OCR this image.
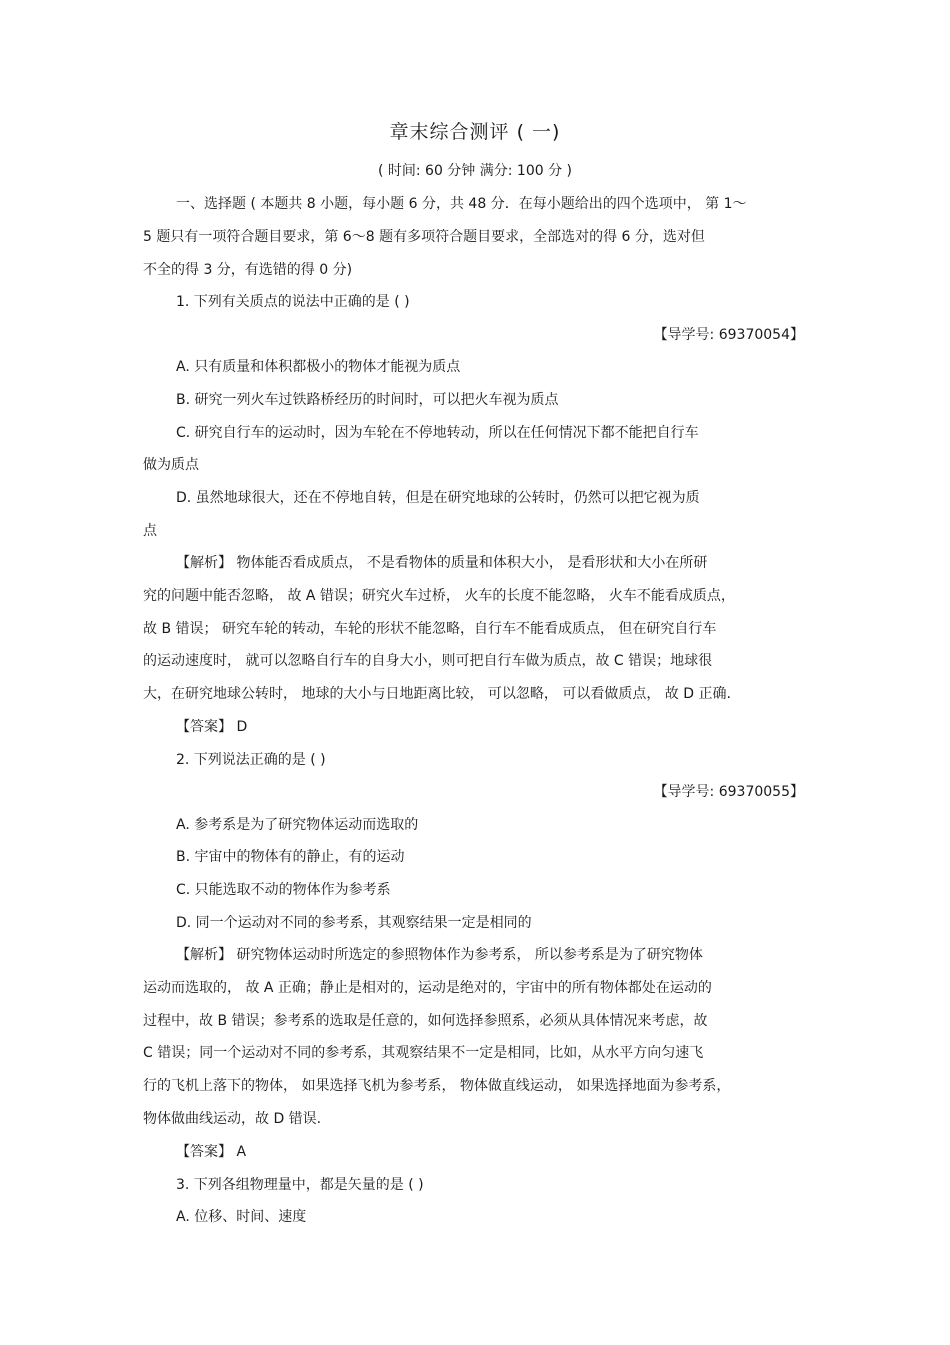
章末综合测评 ( 一)
( 时间: 60 分钟 满分: 100 分 )
一、选择题 ( 本题共 8 小题，每小题 6 分，共 48 分．在每小题给出的四个选项中， 第 1～
5 题只有一项符合题目要求，第 6～8 题有多项符合题目要求，全部选对的得 6 分，选对但
不全的得 3 分，有选错的得 0 分)
1. 下列有关质点的说法中正确的是 ( )
【导学号: 69370054】
A. 只有质量和体积都极小的物体才能视为质点
B. 研究一列火车过铁路桥经历的时间时，可以把火车视为质点
C. 研究自行车的运动时，因为车轮在不停地转动，所以在任何情况下都不能把自行车
做为质点
D. 虽然地球很大，还在不停地自转，但是在研究地球的公转时，仍然可以把它视为质
点
【解析】 物体能否看成质点， 不是看物体的质量和体积大小， 是看形状和大小在所研
究的问题中能否忽略， 故 A 错误；研究火车过桥， 火车的长度不能忽略， 火车不能看成质点，
故 B 错误； 研究车轮的转动，车轮的形状不能忽略，自行车不能看成质点， 但在研究自行车
的运动速度时， 就可以忽略自行车的自身大小，则可把自行车做为质点，故 C 错误；地球很
大，在研究地球公转时， 地球的大小与日地距离比较， 可以忽略， 可以看做质点， 故 D 正确.
【答案】 D
2. 下列说法正确的是 ( )
【导学号: 69370055】
A. 参考系是为了研究物体运动而选取的
B. 宇宙中的物体有的静止，有的运动
C. 只能选取不动的物体作为参考系
D. 同一个运动对不同的参考系，其观察结果一定是相同的
【解析】 研究物体运动时所选定的参照物体作为参考系， 所以参考系是为了研究物体
运动而选取的， 故 A 正确；静止是相对的，运动是绝对的，宇宙中的所有物体都处在运动的
过程中，故 B 错误；参考系的选取是任意的，如何选择参照系，必须从具体情况来考虑，故
C 错误；同一个运动对不同的参考系，其观察结果不一定是相同，比如，从水平方向匀速飞
行的飞机上落下的物体， 如果选择飞机为参考系， 物体做直线运动， 如果选择地面为参考系，
物体做曲线运动，故 D 错误.
【答案】 A
3. 下列各组物理量中，都是矢量的是 ( )
A. 位移、时间、速度
